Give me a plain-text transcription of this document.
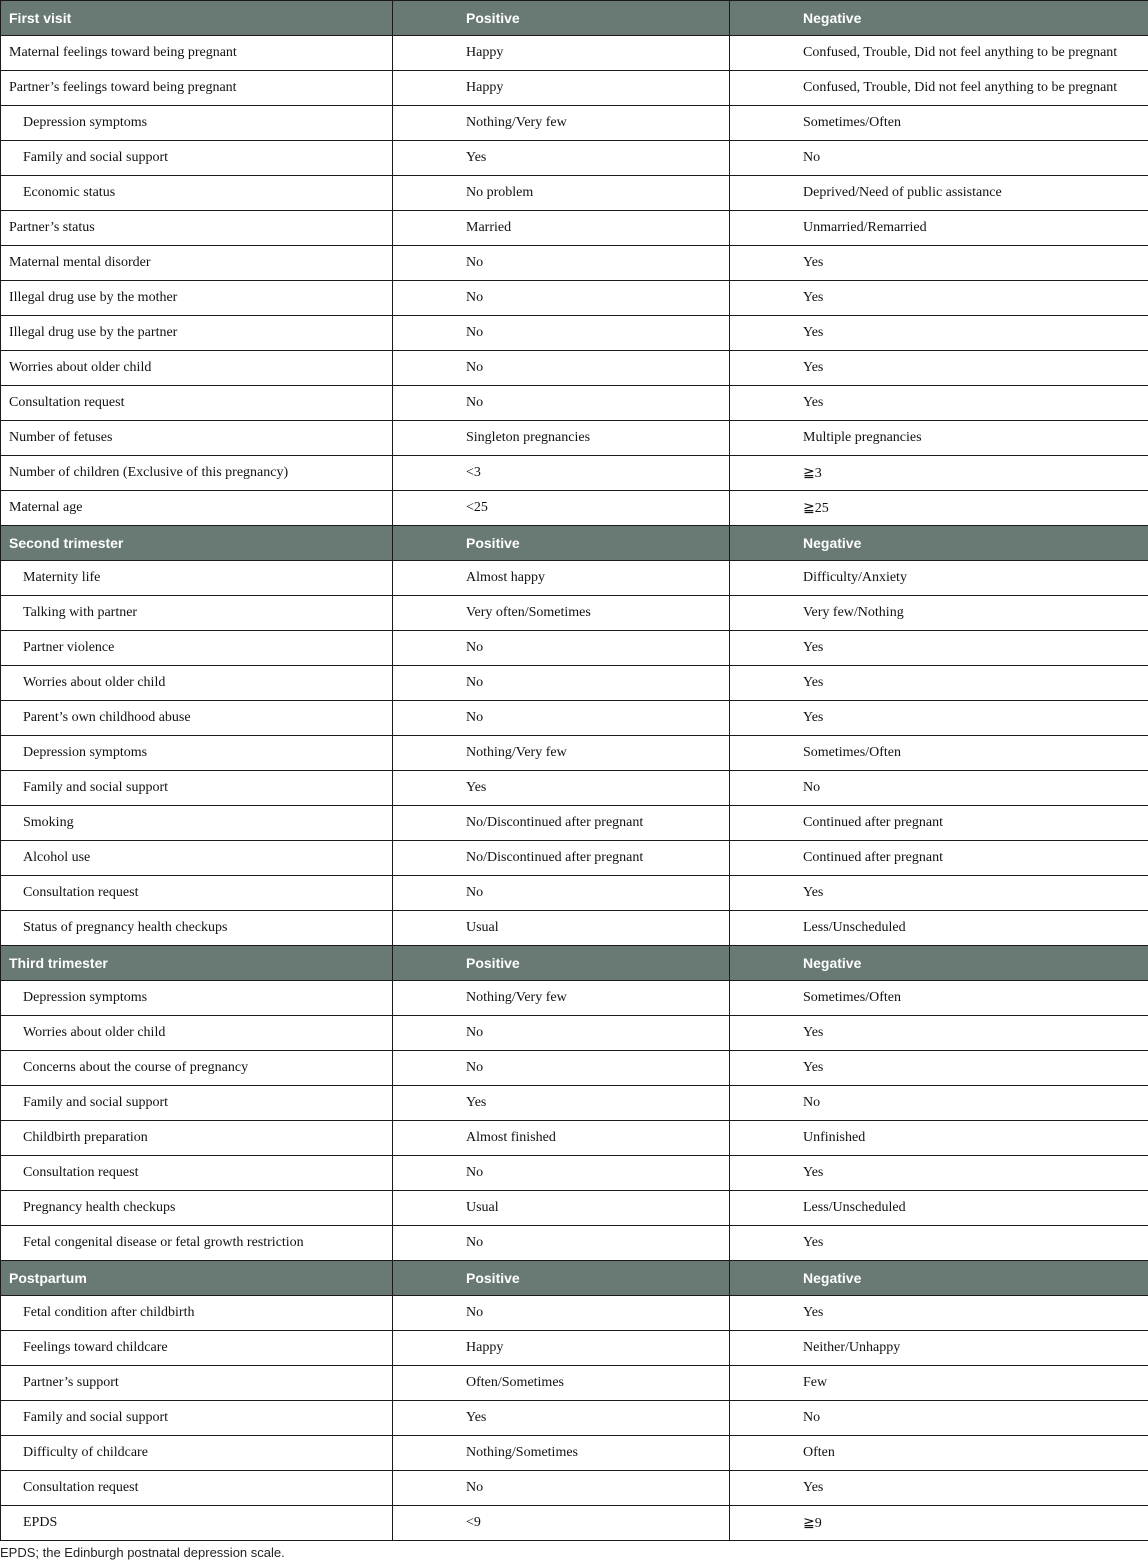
First visit	Positive	Negative
Maternal feelings toward being pregnant	Happy	Confused, Trouble, Did not feel anything to be pregnant
Partner’s feelings toward being pregnant	Happy	Confused, Trouble, Did not feel anything to be pregnant
Depression symptoms	Nothing/Very few	Sometimes/Often
Family and social support	Yes	No
Economic status	No problem	Deprived/Need of public assistance
Partner’s status	Married	Unmarried/Remarried
Maternal mental disorder	No	Yes
Illegal drug use by the mother	No	Yes
Illegal drug use by the partner	No	Yes
Worries about older child	No	Yes
Consultation request	No	Yes
Number of fetuses	Singleton pregnancies	Multiple pregnancies
Number of children (Exclusive of this pregnancy)	<3	≧3
Maternal age	<25	≧25
Second trimester	Positive	Negative
Maternity life	Almost happy	Difficulty/Anxiety
Talking with partner	Very often/Sometimes	Very few/Nothing
Partner violence	No	Yes
Worries about older child	No	Yes
Parent’s own childhood abuse	No	Yes
Depression symptoms	Nothing/Very few	Sometimes/Often
Family and social support	Yes	No
Smoking	No/Discontinued after pregnant	Continued after pregnant
Alcohol use	No/Discontinued after pregnant	Continued after pregnant
Consultation request	No	Yes
Status of pregnancy health checkups	Usual	Less/Unscheduled
Third trimester	Positive	Negative
Depression symptoms	Nothing/Very few	Sometimes/Often
Worries about older child	No	Yes
Concerns about the course of pregnancy	No	Yes
Family and social support	Yes	No
Childbirth preparation	Almost finished	Unfinished
Consultation request	No	Yes
Pregnancy health checkups	Usual	Less/Unscheduled
Fetal congenital disease or fetal growth restriction	No	Yes
Postpartum	Positive	Negative
Fetal condition after childbirth	No	Yes
Feelings toward childcare	Happy	Neither/Unhappy
Partner’s support	Often/Sometimes	Few
Family and social support	Yes	No
Difficulty of childcare	Nothing/Sometimes	Often
Consultation request	No	Yes
EPDS	<9	≧9
EPDS; the Edinburgh postnatal depression scale.
